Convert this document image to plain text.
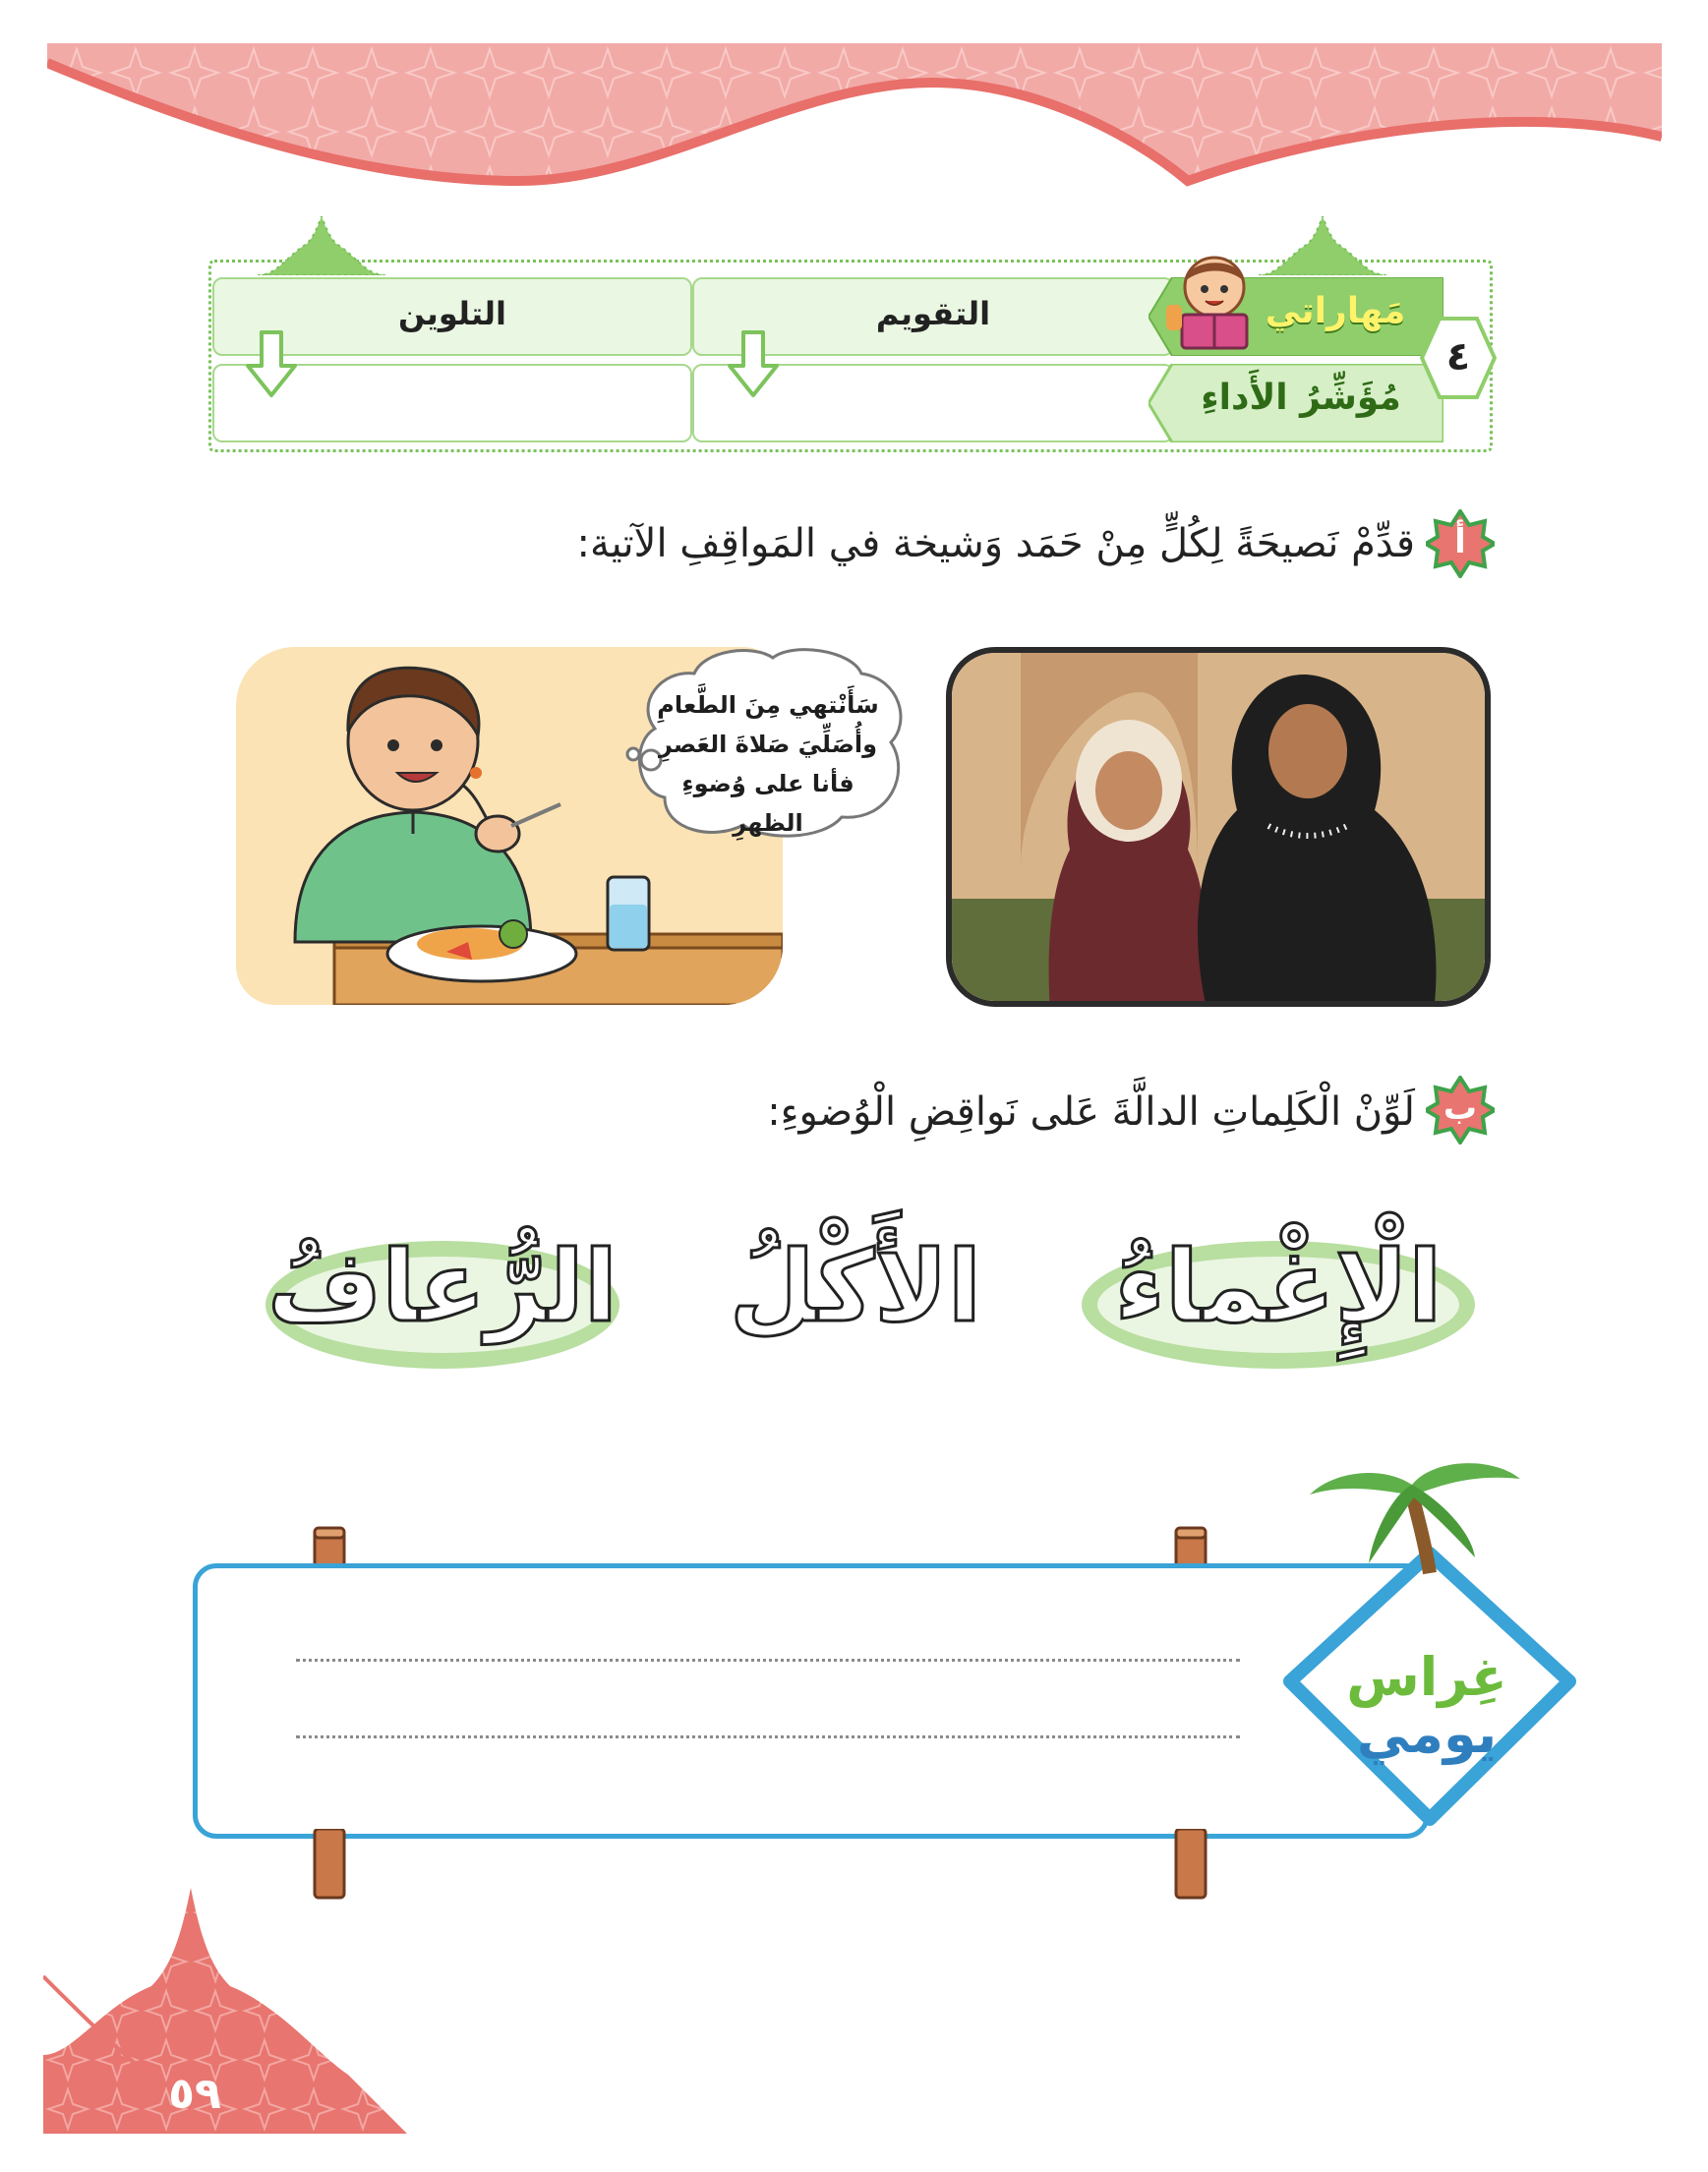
التقويم
التلوين	مَهاراتي
مُؤَشِّرُ الأَداءِ
٤
أ
قدِّمْ نَصيحَةً لِكُلٍّ مِنْ حَمَد وَشيخة في المَواقِفِ الآتية:
سَأَنْتهي مِنَ الطَّعامِ
وأُصَلِّيَ صَلاةَ العَصرِ
فأنا على وُضوءِ الظهرِ
ب
لَوِّنْ الْكَلِماتِ الدالَّةَ عَلى نَواقِضِ الْوُضوءِ:
الْإِغْماءُ
الأَكْلُ
الرُّعافُ
غِراس
يومي
٥٩
